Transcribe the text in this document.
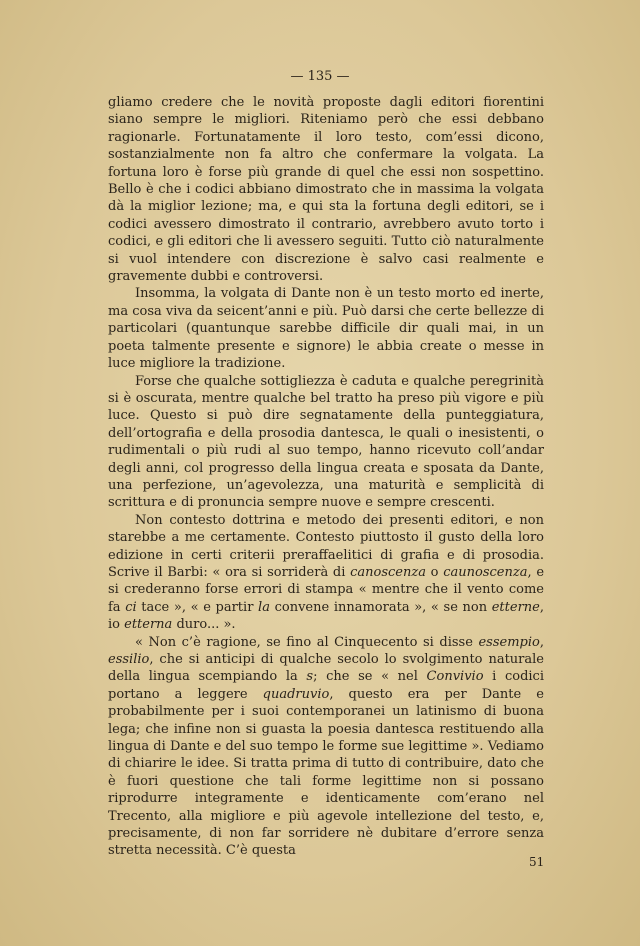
— 135 —

gliamo credere che le novità proposte dagli editori fiorentini siano sempre le migliori. Riteniamo però che essi debbano ragionarle. Fortunatamente il loro testo, com’essi dicono, sostanzialmente non fa altro che confermare la volgata. La fortuna loro è forse più grande di quel che essi non sospettino. Bello è che i codici abbiano dimostrato che in massima la volgata dà la miglior lezione; ma, e qui sta la fortuna degli editori, se i codici avessero dimostrato il contrario, avrebbero avuto torto i codici, e gli editori che li avessero seguiti. Tutto ciò naturalmente si vuol intendere con discrezione è salvo casi realmente e gravemente dubbi e controversi.

Insomma, la volgata di Dante non è un testo morto ed inerte, ma cosa viva da seicent’anni e più. Può darsi che certe bellezze di particolari (quantunque sarebbe difficile dir quali mai, in un poeta talmente presente e signore) le abbia create o messe in luce migliore la tradizione.

Forse che qualche sottigliezza è caduta e qualche peregrinità si è oscurata, mentre qualche bel tratto ha preso più vigore e più luce. Questo si può dire segnatamente della punteggiatura, dell’ortografia e della prosodia dantesca, le quali o inesistenti, o rudimentali o più rudi al suo tempo, hanno ricevuto coll’andar degli anni, col progresso della lingua creata e sposata da Dante, una perfezione, un’agevolezza, una maturità e semplicità di scrittura e di pronuncia sempre nuove e sempre crescenti.

Non contesto dottrina e metodo dei presenti editori, e non starebbe a me certamente. Contesto piuttosto il gusto della loro edizione in certi criterii preraffaelitici di grafia e di prosodia. Scrive il Barbi: « ora si sorriderà di canoscenza o caunoscenza, e si crederanno forse errori di stampa « mentre che il vento come fa ci tace », « e partir la convene innamorata », « se non etterne, io etterna duro... ».

« Non c’è ragione, se fino al Cinquecento si disse essempio, essilio, che si anticipi di qualche secolo lo svolgimento naturale della lingua scempiando la s; che se « nel Convivio i codici portano a leggere quadruvio, questo era per Dante e probabilmente per i suoi contemporanei un latinismo di buona lega; che infine non si guasta la poesia dantesca restituendo alla lingua di Dante e del suo tempo le forme sue legittime ». Vediamo di chiarire le idee. Si tratta prima di tutto di contribuire, dato che è fuori questione che tali forme legittime non si possano riprodurre integramente e identicamente com’erano nel Trecento, alla migliore e più agevole intellezione del testo, e, precisamente, di non far sorridere nè dubitare d’errore senza stretta necessità. C’è questa

51
